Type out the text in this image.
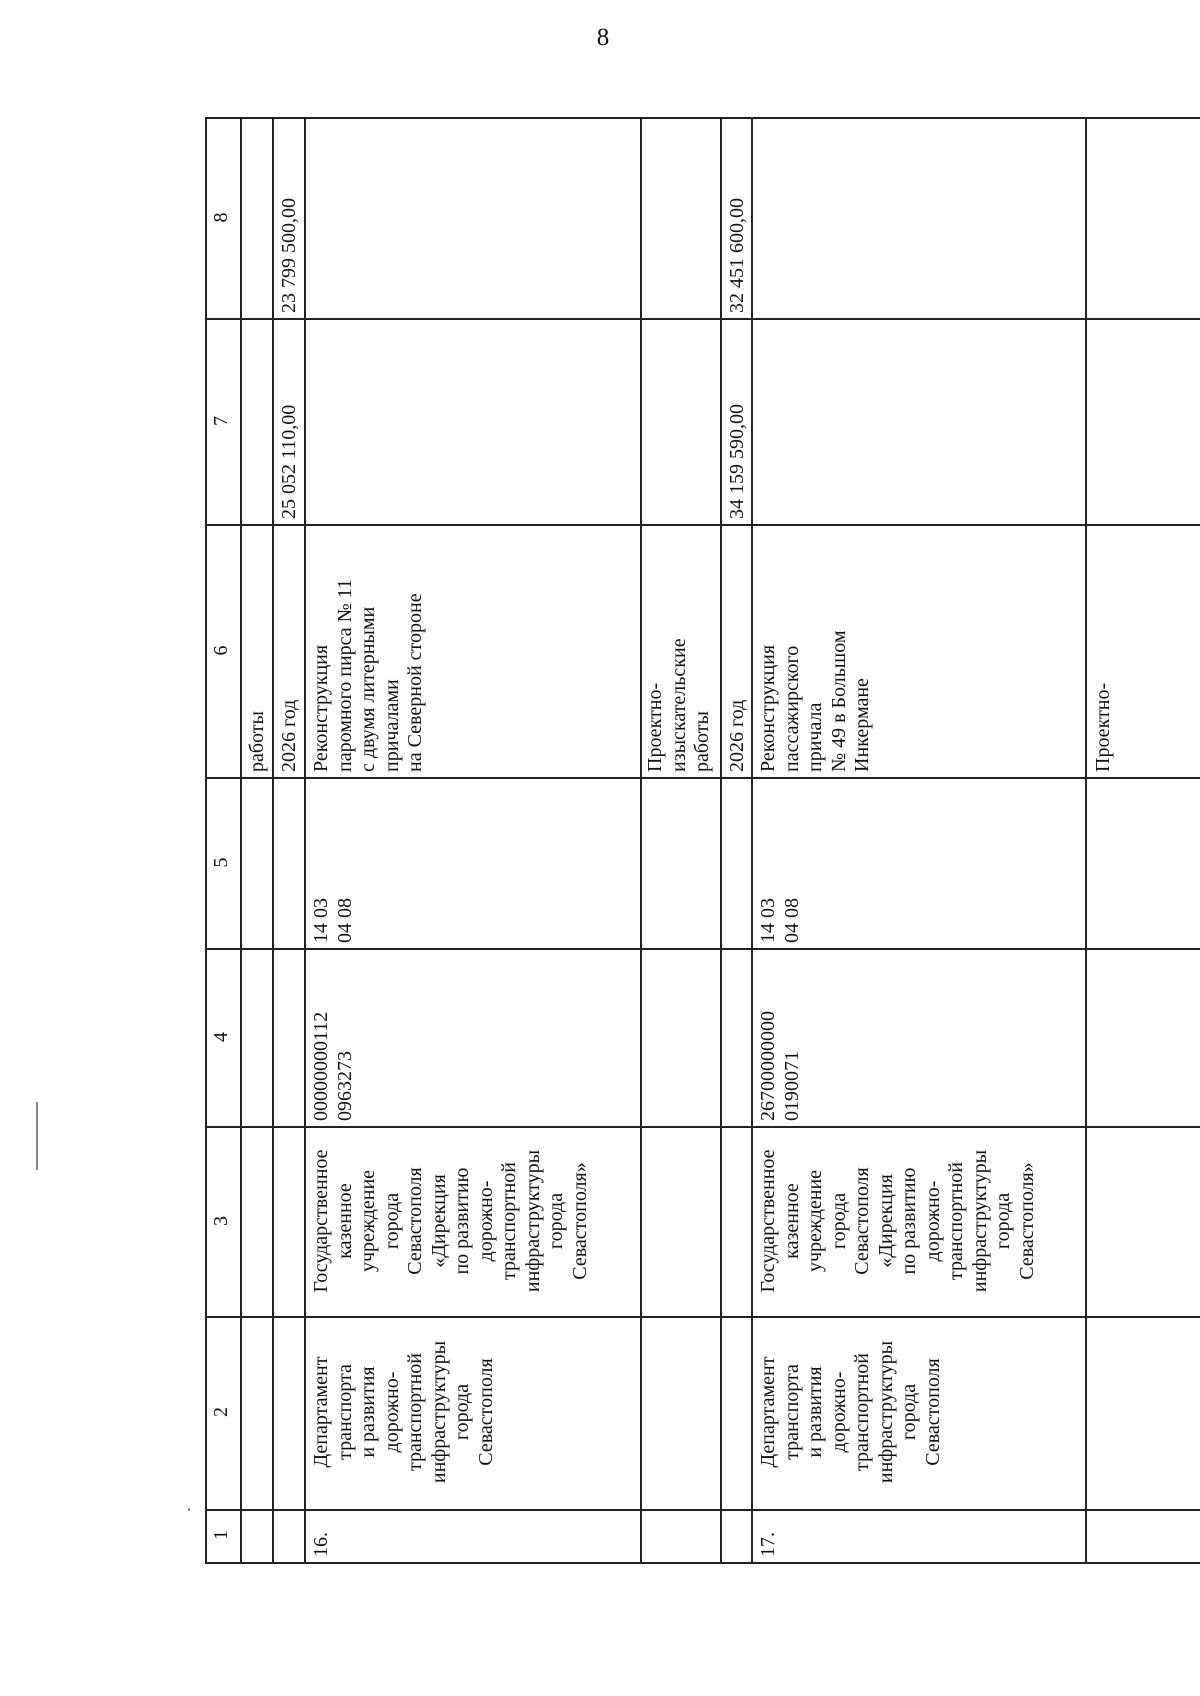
8
1
2
3
4
5
6
7
8
работы 2026 год
25 052 110,00
23 799 500,00
16.
Департамент
транспорта
и развития
дорожно-
транспортной
инфраструктуры
города
Севастополя
Государственное
казенное
учреждение
города
Севастополя
«Дирекция
по развитию
дорожно-
транспортной
инфраструктуры
города
Севастополя»
00000000112
0963273
14 03
04 08
Реконструкция
паромного пирса № 11
с двумя литерными
причалами
на Северной стороне
Проектно-
изыскательские
работы 2026 год
34 159 590,00
32 451 600,00
17.
Департамент
транспорта
и развития
дорожно-
транспортной
инфраструктуры
города
Севастополя
Государственное
казенное
учреждение
города
Севастополя
«Дирекция
по развитию
дорожно-
транспортной
инфраструктуры
города
Севастополя»
26700000000
0190071
14 03
04 08
Реконструкция
пассажирского
причала
№ 49 в Большом
Инкермане	Проектно-
